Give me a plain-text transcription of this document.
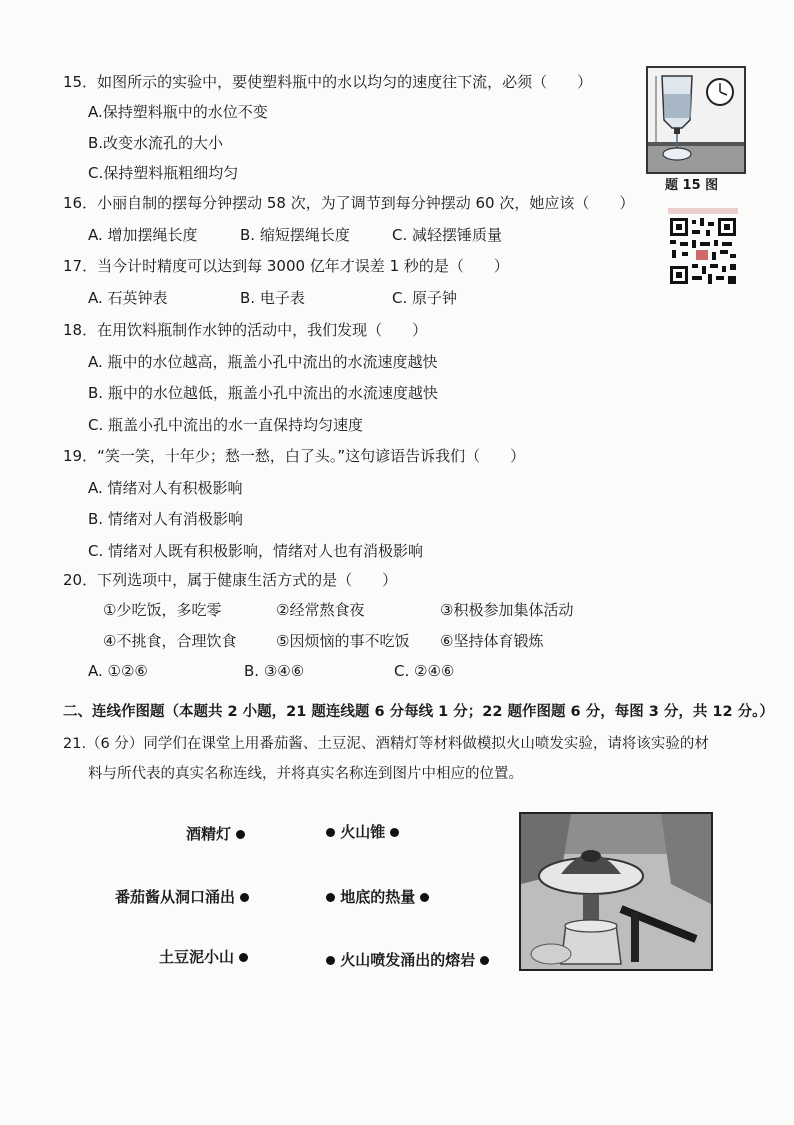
15．如图所示的实验中，要使塑料瓶中的水以均匀的速度往下流，必须（　　）
A.保持塑料瓶中的水位不变
B.改变水流孔的大小
C.保持塑料瓶粗细均匀
题 15 图
16．小丽自制的摆每分钟摆动 58 次，为了调节到每分钟摆动 60 次，她应该（　　）
A. 增加摆绳长度	B. 缩短摆绳长度	C. 减轻摆锤质量
17．当今计时精度可以达到每 3000 亿年才误差 1 秒的是（　　）
A. 石英钟表	B. 电子表	C. 原子钟
18．在用饮料瓶制作水钟的活动中，我们发现（　　）
A. 瓶中的水位越高，瓶盖小孔中流出的水流速度越快
B. 瓶中的水位越低，瓶盖小孔中流出的水流速度越快
C. 瓶盖小孔中流出的水一直保持均匀速度
19．“笑一笑，十年少；愁一愁，白了头。”这句谚语告诉我们（　　）
A. 情绪对人有积极影响
B. 情绪对人有消极影响
C. 情绪对人既有积极影响，情绪对人也有消极影响
20．下列选项中，属于健康生活方式的是（　　）
①少吃饭，多吃零	②经常熬食夜	③积极参加集体活动
④不挑食，合理饮食	⑤因烦恼的事不吃饭 ⑥坚持体育锻炼
A. ①②⑥	B. ③④⑥	C. ②④⑥
二、连线作图题（本题共 2 小题，21 题连线题 6 分每线 1 分；22 题作图题 6 分，每图 3 分，共 12 分。）
21.（6 分）同学们在课堂上用番茄酱、土豆泥、酒精灯等材料做模拟火山喷发实验，请将该实验的材
料与所代表的真实名称连线，并将真实名称连到图片中相应的位置。
酒精灯
番茄酱从洞口涌出
土豆泥小山
火山锥
地底的热量
火山喷发涌出的熔岩
